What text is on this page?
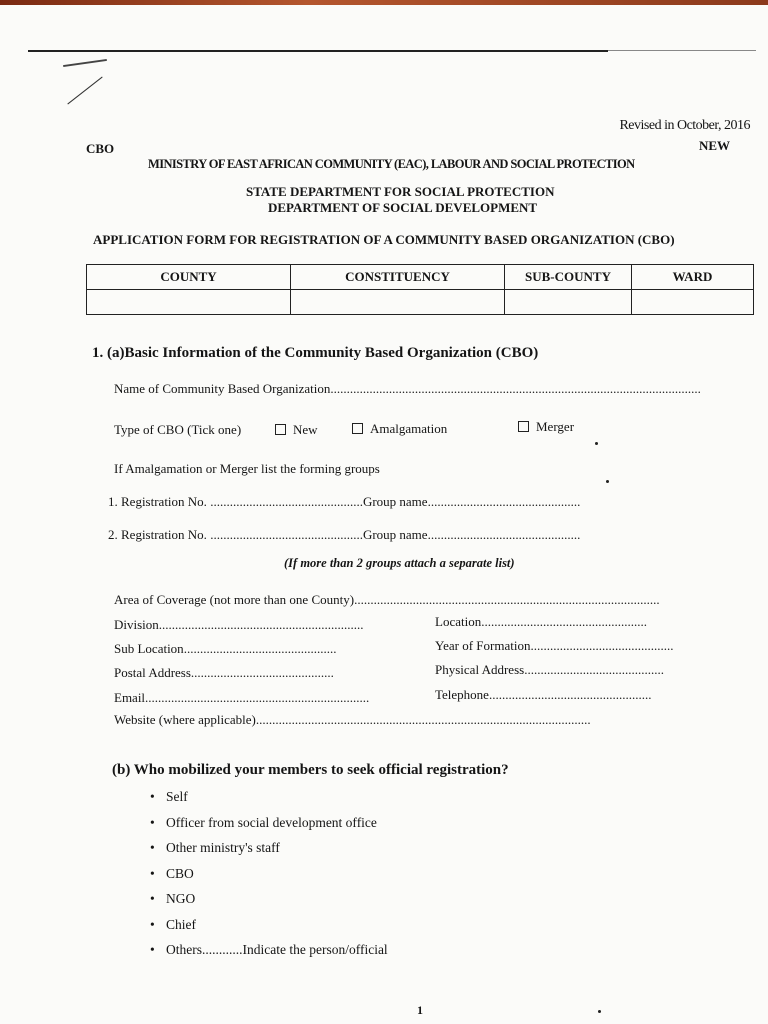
Revised in October, 2016
CBO	NEW
MINISTRY OF EAST AFRICAN COMMUNITY (EAC), LABOUR AND SOCIAL PROTECTION
STATE DEPARTMENT FOR SOCIAL PROTECTION
DEPARTMENT OF SOCIAL DEVELOPMENT
APPLICATION FORM FOR REGISTRATION OF A COMMUNITY BASED ORGANIZATION (CBO)
COUNTY	CONSTITUENCY	SUB-COUNTY	WARD

1. (a)Basic Information of the Community Based Organization (CBO)
Name of Community Based Organization..................................................................................................................
Type of CBO (Tick one)	New	Amalgamation	Merger
If Amalgamation or Merger list the forming groups
1. Registration No. ...............................................Group name...............................................
2. Registration No. ...............................................Group name...............................................
(If more than 2 groups attach a separate list)
Area of Coverage (not more than one County)..............................................................................................
Division...............................................................	Location...................................................
Sub Location...............................................	Year of Formation............................................
Postal Address............................................	Physical Address...........................................
Email.....................................................................	Telephone..................................................
Website (where applicable).......................................................................................................
(b) Who mobilized your members to seek official registration?
• Self
• Officer from social development office
• Other ministry's staff
• CBO
• NGO
• Chief
• Others............Indicate the person/official
1
